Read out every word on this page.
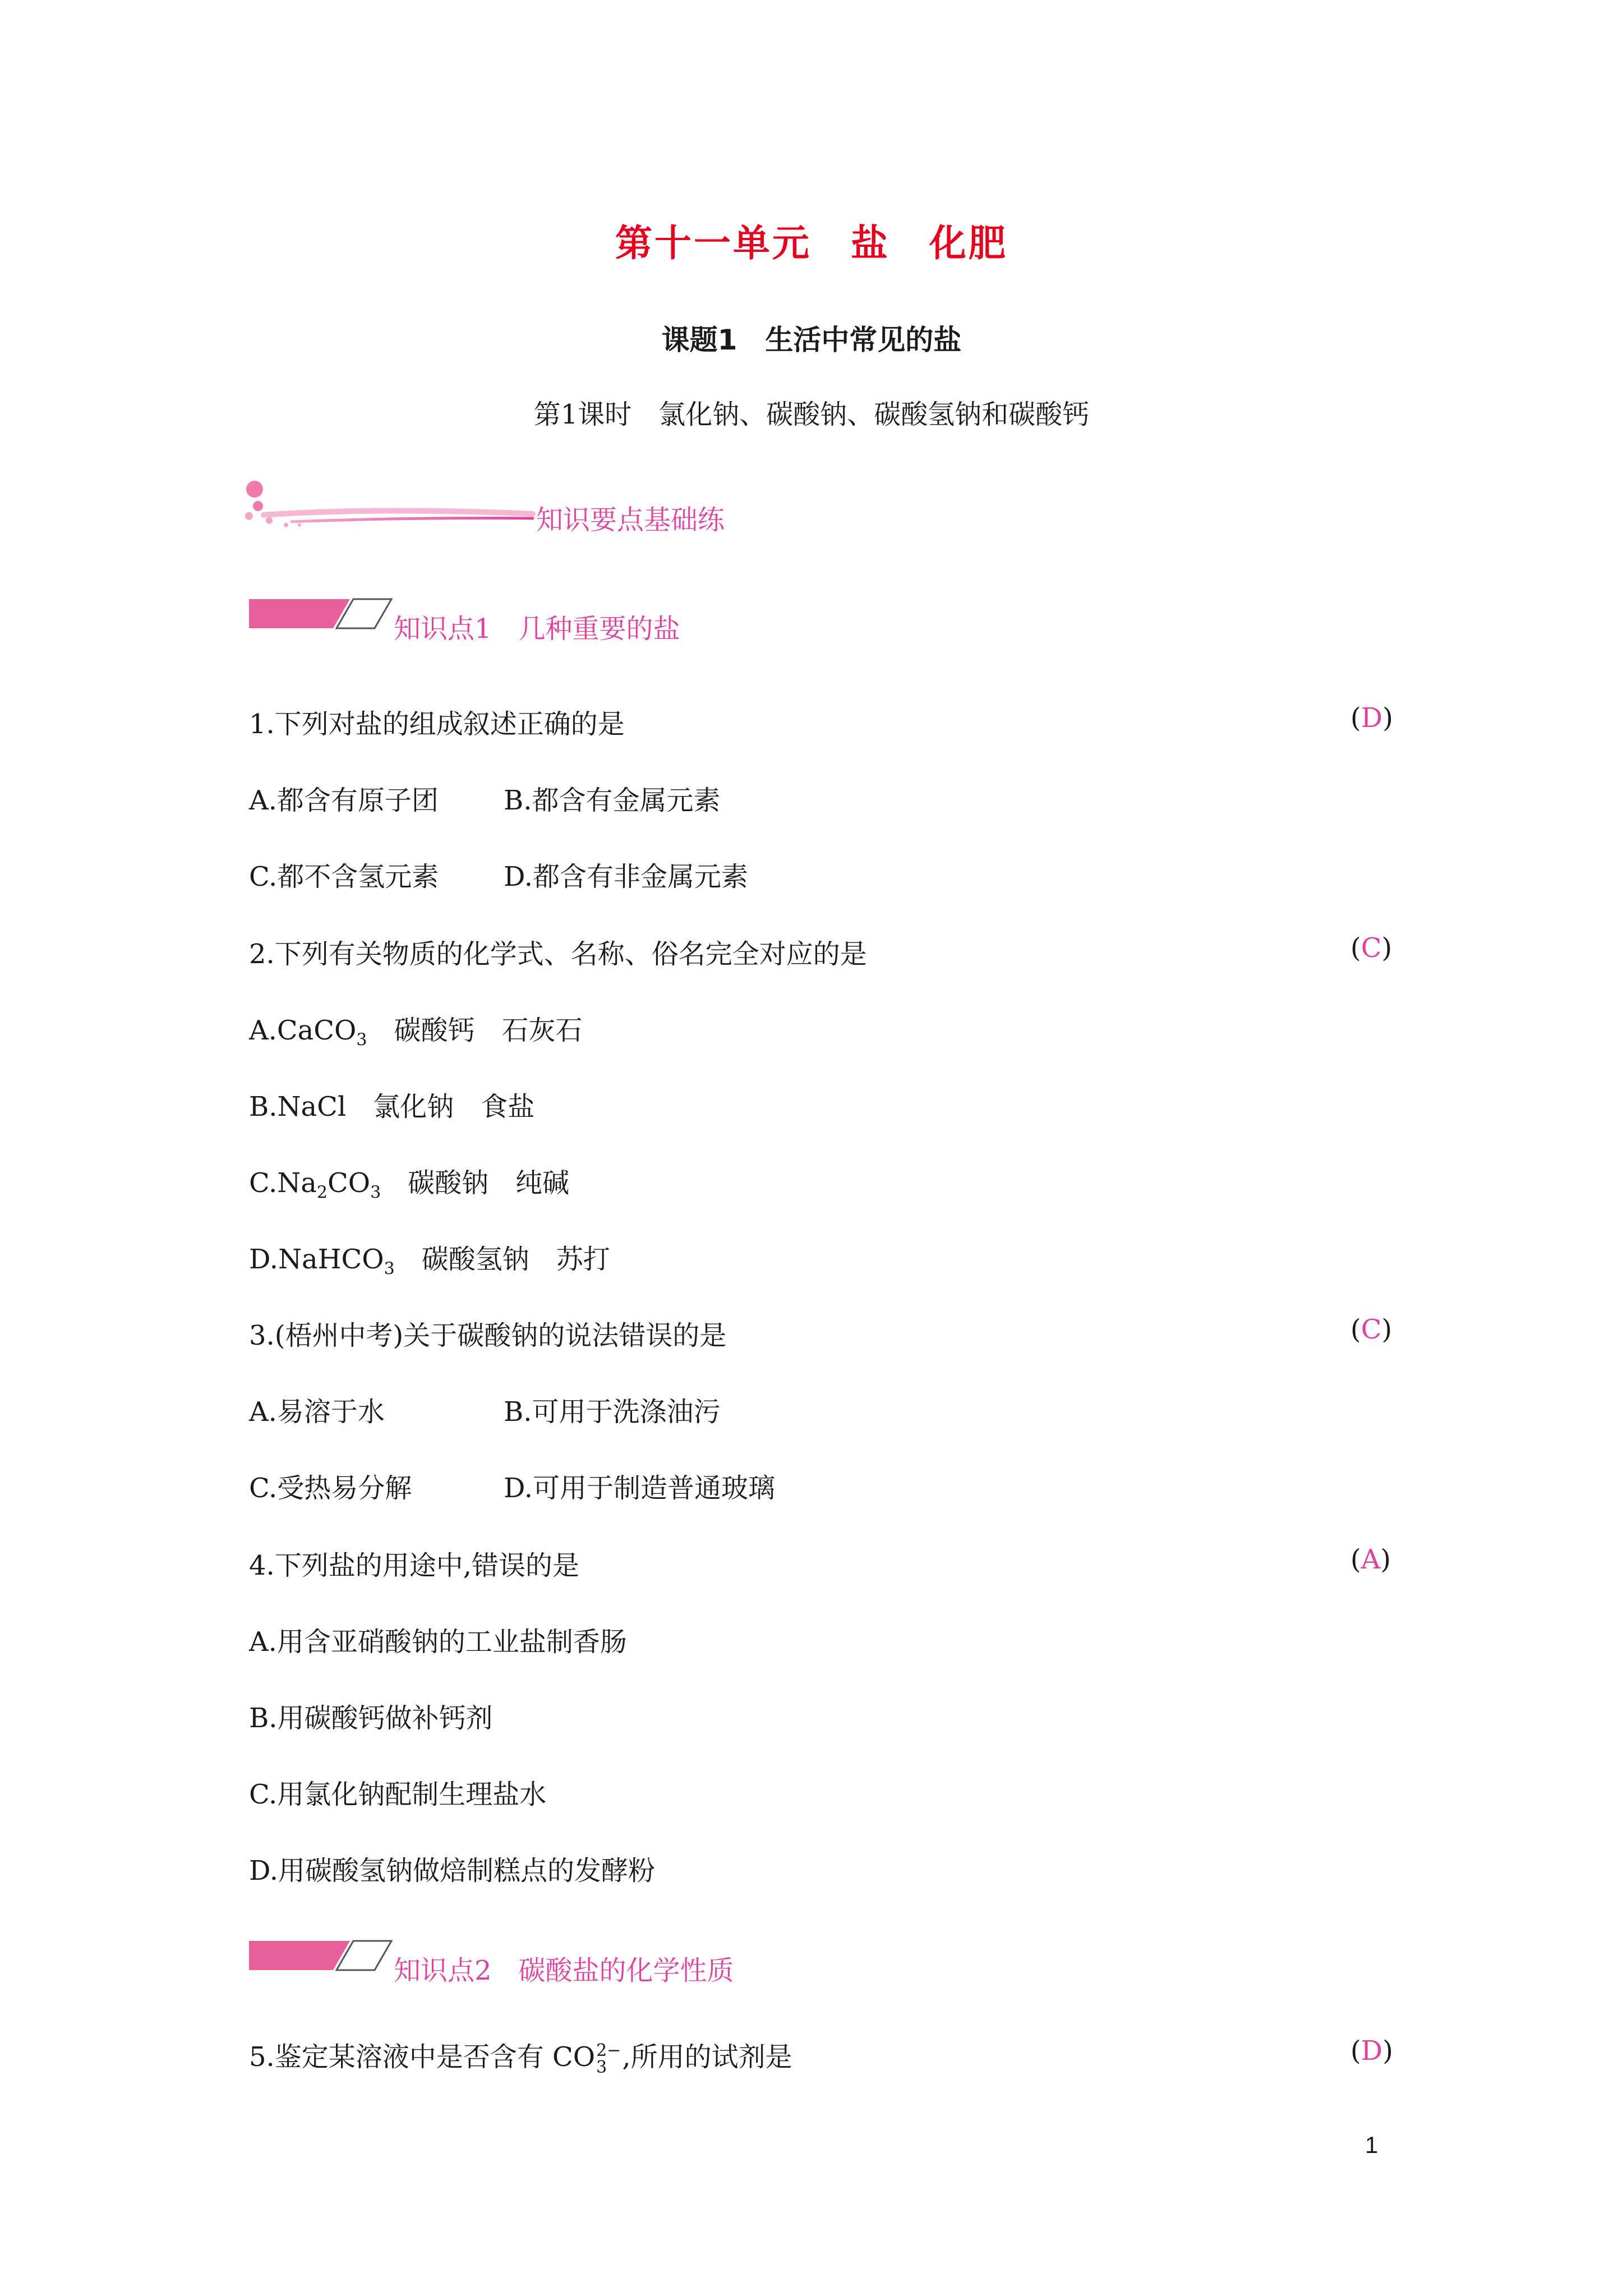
第十一单元　盐　化肥
课题1　生活中常见的盐
第1课时　氯化钠、碳酸钠、碳酸氢钠和碳酸钙
知识要点基础练
知识点1　几种重要的盐
1.下列对盐的组成叙述正确的是	(D)
A.都含有原子团 B.都含有金属元素
C.都不含氢元素 D.都含有非金属元素
2.下列有关物质的化学式、名称、俗名完全对应的是	(C)
A.CaCO$_3$　碳酸钙　石灰石
B.NaCl　氯化钠　食盐
$C.Na_2CO_3$　碳酸钠　纯碱
D.NaHCO$_3$　碳酸氢钠　苏打
3.(梧州中考)关于碳酸钠的说法错误的是	(C)
A.易溶于水	B.可用于洗涤油污
C.受热易分解	D.可用于制造普通玻璃
4.下列盐的用途中,错误的是	(A)
A.用含亚硝酸钠的工业盐制香肠
B.用碳酸钙做补钙剂
C.用氯化钠配制生理盐水
D.用碳酸氢钠做焙制糕点的发酵粉
知识点2　碳酸盐的化学性质
5.鉴定某溶液中是否含有 CO 2−
3 ,所用的试剂是	(D)
1
